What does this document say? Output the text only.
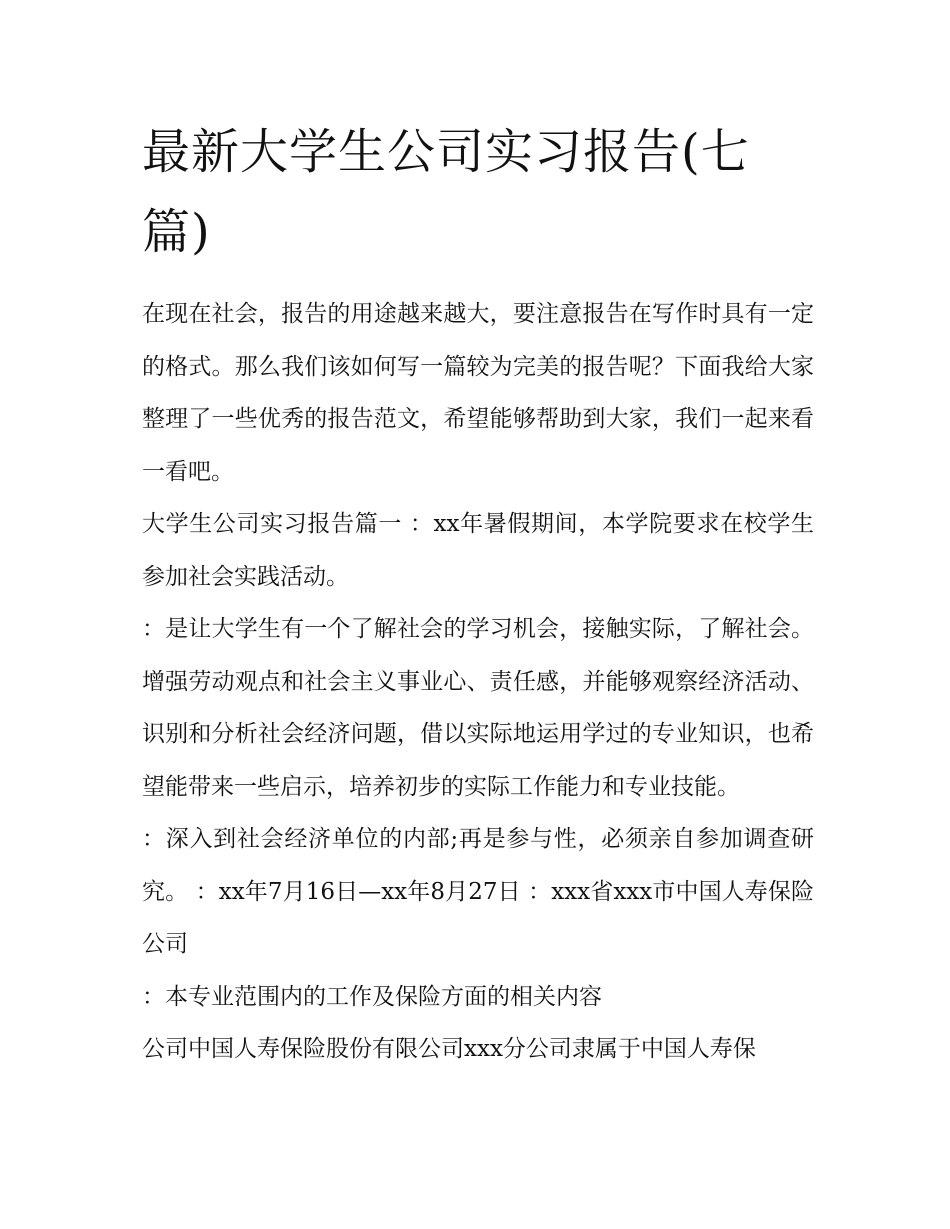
最新大学生公司实习报告(七篇)

在现在社会，报告的用途越来越大，要注意报告在写作时具有一定的格式。那么我们该如何写一篇较为完美的报告呢？下面我给大家整理了一些优秀的报告范文，希望能够帮助到大家，我们一起来看一看吧。

大学生公司实习报告篇一 ：xx年暑假期间，本学院要求在校学生参加社会实践活动。

：是让大学生有一个了解社会的学习机会，接触实际，了解社会。增强劳动观点和社会主义事业心、责任感，并能够观察经济活动、识别和分析社会经济问题，借以实际地运用学过的专业知识，也希望能带来一些启示，培养初步的实际工作能力和专业技能。

：深入到社会经济单位的内部;再是参与性，必须亲自参加调查研究。 ：xx年7月16日—xx年8月27日 ：xxx省xxx市中国人寿保险公司

：本专业范围内的工作及保险方面的相关内容

公司中国人寿保险股份有限公司xxx分公司隶属于中国人寿保
